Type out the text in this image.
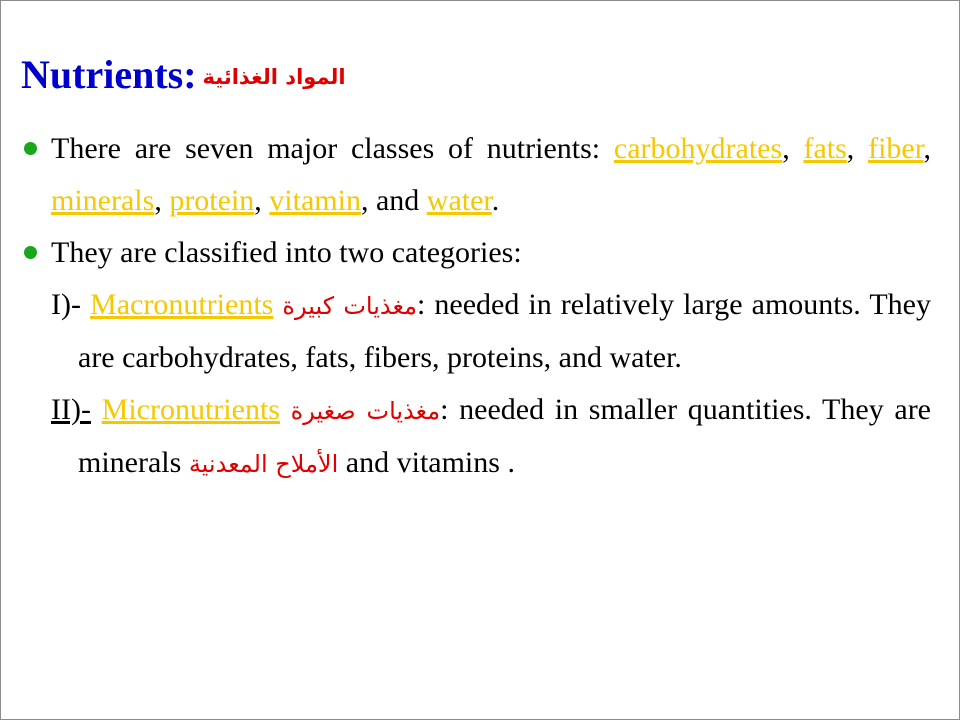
Nutrients: المواد الغذائية
There are seven major classes of nutrients: carbohydrates, fats, fiber, minerals, protein, vitamin, and water.
They are classified into two categories:
I)- Macronutrients مغذيات كبيرة: needed in relatively large amounts. They are carbohydrates, fats, fibers, proteins, and water.
II)- Micronutrients مغذيات صغيرة: needed in smaller quantities. They are minerals الأملاح المعدنية and vitamins .
